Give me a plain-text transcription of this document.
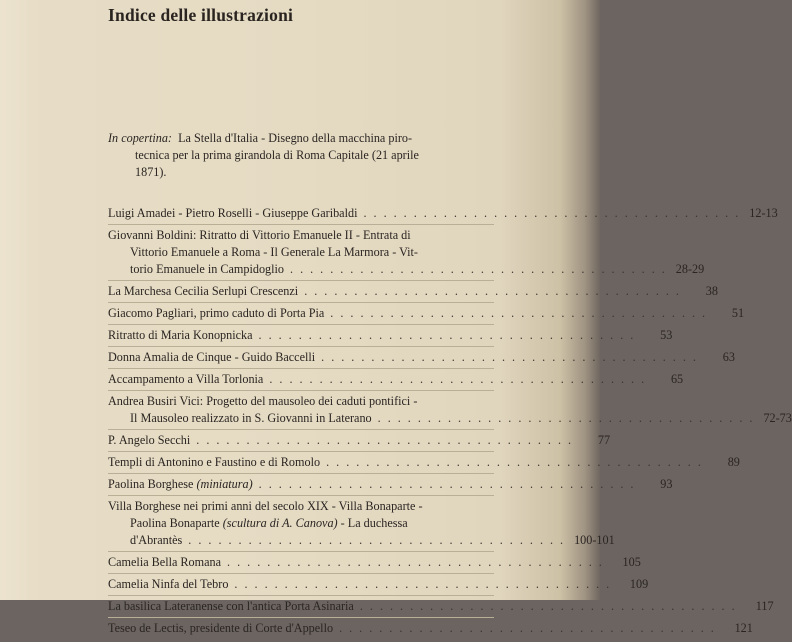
Indice delle illustrazioni
In copertina: La Stella d'Italia - Disegno della macchina piro-
tecnica per la prima girandola di Roma Capitale (21 aprile
1871).
Luigi Amadei - Pietro Roselli - Giuseppe Garibaldi ...................................... 12-13
Giovanni Boldini: Ritratto di Vittorio Emanuele II - Entrata di
Vittorio Emanuele a Roma - Il Generale La Marmora - Vit-
torio Emanuele in Campidoglio ...................................... 28-29
La Marchesa Cecilia Serlupi Crescenzi ......................................	38
Giacomo Pagliari, primo caduto di Porta Pia ......................................	51
Ritratto di Maria Konopnicka ......................................	53
Donna Amalia de Cinque - Guido Baccelli ......................................	63
Accampamento a Villa Torlonia ......................................	65
Andrea Busiri Vici: Progetto del mausoleo dei caduti pontifici -
Il Mausoleo realizzato in S. Giovanni in Laterano ...................................... 72-73
P. Angelo Secchi ......................................	77
Templi di Antonino e Faustino e di Romolo ......................................	89
Paolina Borghese (miniatura) ......................................	93
Villa Borghese nei primi anni del secolo XIX - Villa Bonaparte -
Paolina Bonaparte (scultura di A. Canova) - La duchessa
d'Abrantès ...................................... 100-101
Camelia Bella Romana ......................................	105
Camelia Ninfa del Tebro ......................................	109
La basilica Lateranense con l'antica Porta Asinaria ......................................	117
Teseo de Lectis, presidente di Corte d'Appello ......................................	121
